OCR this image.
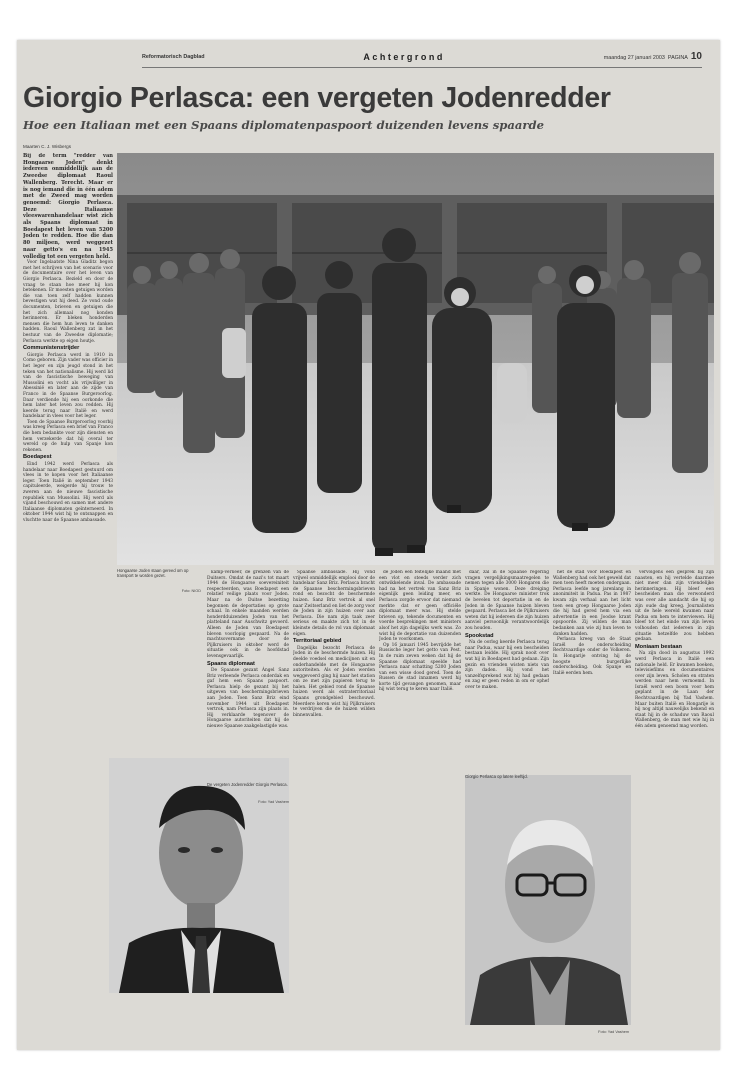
Reformatorisch Dagblad	Achtergrond	maandag 27 januari 2003 PAGINA 10
Giorgio Perlasca: een vergeten Jodenredder
Hoe een Italiaan met een Spaans diplomatenpaspoort duizenden levens spaarde
Maarten C. J. Wisbergs

Bij de term "redder van Hongaarse Joden" denkt iedereen onmiddellijk aan de Zweedse diplomaat Raoul Wallenberg. Terecht. Maar er is nog iemand die in één adem met de Zweed mag worden genoemd: Giorgio Perlasca. Deze Italiaanse vleeswarenhandelaar wist zich als Spaans diplomaat in Boedapest het leven van 5200 Joden te redden. Hoe die dan 80 miljoen, werd weggezet naar getto's en na 1945 volledig tot een vergeten held.

Voor Ingelaatste Nina Gladitz begon met het schrijven van het scenario voor de documentaire over het leven van Giorgio Perlasca. Bezield en door de vraag te staan hoe meer hij kon betekenen. Er moesten getuigen worden die van toen zelf hadden kunnen bevestigen wat hij deed. Ze vond oude documenten, brieven en getuigen die het zich allemaal nog konden herinneren. Er bleken honderden mensen die hem hun leven te danken hadden. Raoul Wallenberg zat in het bestuur van de Zweedse diplomatie; Perlasca werkte op eigen houtje.

Communistenstrijder

Giorgio Perlasca werd in 1910 in Como geboren. Zijn vader was officier in het leger en zijn jeugd stond in het teken van het nationalisme. Hij werd lid van de fascistische beweging van Mussolini en vocht als vrijwilliger in Abessinië en later aan de zijde van Franco in de Spaanse Burgeroorlog. Daar verdiende hij een oorkonde die hem later het leven zou redden. Hij keerde terug naar Italië en werd handelaar in vlees voor het leger.

Toen de Spaanse Burgeroorlog voorbij was kreeg Perlasca een brief van Franco die hem bedankte voor zijn diensten en hem verzekerde dat hij overal ter wereld op de hulp van Spanje kon rekenen.

Boedapest

Eind 1942 werd Perlasca als handelaar naar Boedapest gestuurd om vlees in te kopen voor het Italiaanse leger. Toen Italië in september 1943 capituleerde, weigerde hij trouw te zweren aan de nieuwe fascistische republiek van Mussolini. Hij werd als vijand beschouwd en samen met andere Italiaanse diplomaten geïnterneerd. In oktober 1944 wist hij te ontsnappen en vluchtte naar de Spaanse ambassade.

Hongaarse Joden staan gereed om op transport te worden gezet.
Foto: NIOD

kamp-verkeer, de grenzen van de Duitsers. Omdat de nazi's tot maart 1944 de Hongaarse soevereiniteit respecteerden, was Boedapest een relatief veilige plaats voor Joden. Maar na de Duitse bezetting begonnen de deportaties op grote schaal. In enkele maanden werden honderdduizenden Joden van het platteland naar Auschwitz gevoerd. Alleen de Joden van Boedapest bleven voorlopig gespaard. Na de machtsovername door de Pijlkruisers in oktober werd de situatie ook in de hoofdstad levensgevaarlijk.

Spaans diplomaat

De Spaanse gezant Ángel Sanz Briz verleende Perlasca onderdak en gaf hem een Spaans paspoort. Perlasca hielp de gezant bij het uitgeven van beschermingsbrieven aan Joden. Toen Sanz Briz eind november 1944 uit Boedapest vertrok, nam Perlasca zijn plaats in. Hij verklaarde tegenover de Hongaarse autoriteiten dat hij de nieuwe Spaanse zaakgelastigde was.

Spaanse ambassade. Hij vond vrijwel onmiddellijk emplooi door de handelaar Sanz Briz. Perlasca bracht de Spaanse beschermingsbrieven rond en bezocht de beschermde huizen. Sanz Briz vertrok al snel naar Zwitserland en liet de zorg voor de Joden in zijn huizen over aan Perlasca. Die nam zijn taak zeer serieus en maakte zich tot in de kleinste details de rol van diplomaat eigen.

Territoriaal gebied

Dagelijks bezocht Perlasca de Joden in de beschermde huizen. Hij deelde voedsel en medicijnen uit en onderhandelde met de Hongaarse autoriteiten. Als er Joden werden weggevoerd ging hij naar het station om ze met zijn papieren terug te halen. Het gebied rond de Spaanse huizen werd als extraterritoriaal Spaans grondgebied beschouwd. Meerdere keren wist hij Pijlkruisers te verdrijven die de huizen wilden binnenvallen.

de Joden een feitelijke maand met een vlot en steeds verder zich ontwikkelende inval. De ambassade had na het vertrek van Sanz Briz eigenlijk geen leiding meer, en Perlasca zorgde ervoor dat niemand merkte dat er geen officiële diplomaat meer was. Hij stelde brieven op, tekende documenten en voerde besprekingen met ministers alsof het zijn dagelijks werk was. Zo wist hij de deportatie van duizenden Joden te voorkomen.

Op 16 januari 1945 bevrijdde het Russische leger het getto van Pest. In de ruim zeven weken dat hij de Spaanse diplomaat speelde had Perlasca naar schatting 5200 Joden van een wisse dood gered. Toen de Russen de stad innamen werd hij korte tijd gevangen genomen, maar hij wist terug te keren naar Italië.

daar, zal in de Spaanse regering vragen vergelijkingsmaatregelen te nemen tegen alle 3000 Hongaren die in Spanje wonen. Deze dreiging werkte. De Hongaarse minister trok de bevelen tot deportatie in en de Joden in de Spaanse huizen bleven gespaard. Perlasca liet de Pijlkruisers weten dat hij iedereen die zijn huizen aanviel persoonlijk verantwoordelijk zou houden.

Spookstad

Na de oorlog keerde Perlasca terug naar Padua, waar hij een bescheiden bestaan leidde. Hij sprak nooit over wat hij in Boedapest had gedaan. Zijn gezin en vrienden wisten niets van zijn daden. Hij vond het vanzelfsprekend wat hij had gedaan en zag er geen reden in om er ophef over te maken.

het de stad voor Boedapest en Wallenberg had ook het geweld dat men toen heeft moeten ondergaan. Perlasca leefde nog jarenlang in anonimiteit in Padua. Pas in 1987 kwam zijn verhaal aan het licht toen een groep Hongaarse Joden die hij had gered hem via een advertentie in een Joodse krant opspoorde. Zij wilden de man bedanken aan wie zij hun leven te danken hadden.

Perlasca kreeg van de Staat Israël de onderscheiding Rechtvaardige onder de Volkeren. In Hongarije ontving hij de hoogste burgerlijke onderscheiding. Ook Spanje en Italië eerden hem.

vervolgens een gesprek bij zijn naasten, en hij vertelde daarmee niet meer dan zijn vriendelijke herinneringen. Hij bleef een bescheiden man die verwonderd was over alle aandacht die hij op zijn oude dag kreeg. Journalisten uit de hele wereld kwamen naar Padua om hem te interviewen. Hij bleef tot het einde van zijn leven volhouden dat iedereen in zijn situatie hetzelfde zou hebben gedaan.

Moniaam bestaan

Na zijn dood in augustus 1992 werd Perlasca in Italië een nationale held. Er kwamen boeken, televisiefilms en documentaires over zijn leven. Scholen en straten werden naar hem vernoemd. In Israël werd een boom voor hem geplant in de Laan der Rechtvaardigen bij Yad Vashem. Maar buiten Italië en Hongarije is hij nog altijd nauwelijks bekend en staat hij in de schaduw van Raoul Wallenberg, de man met wie hij in één adem genoemd mag worden.

De vergeten Jodenredder Giorgio Perlasca.
Giorgio Perlasca op latere leeftijd.
Foto: Yad Vashem
Foto: Yad Vashem
